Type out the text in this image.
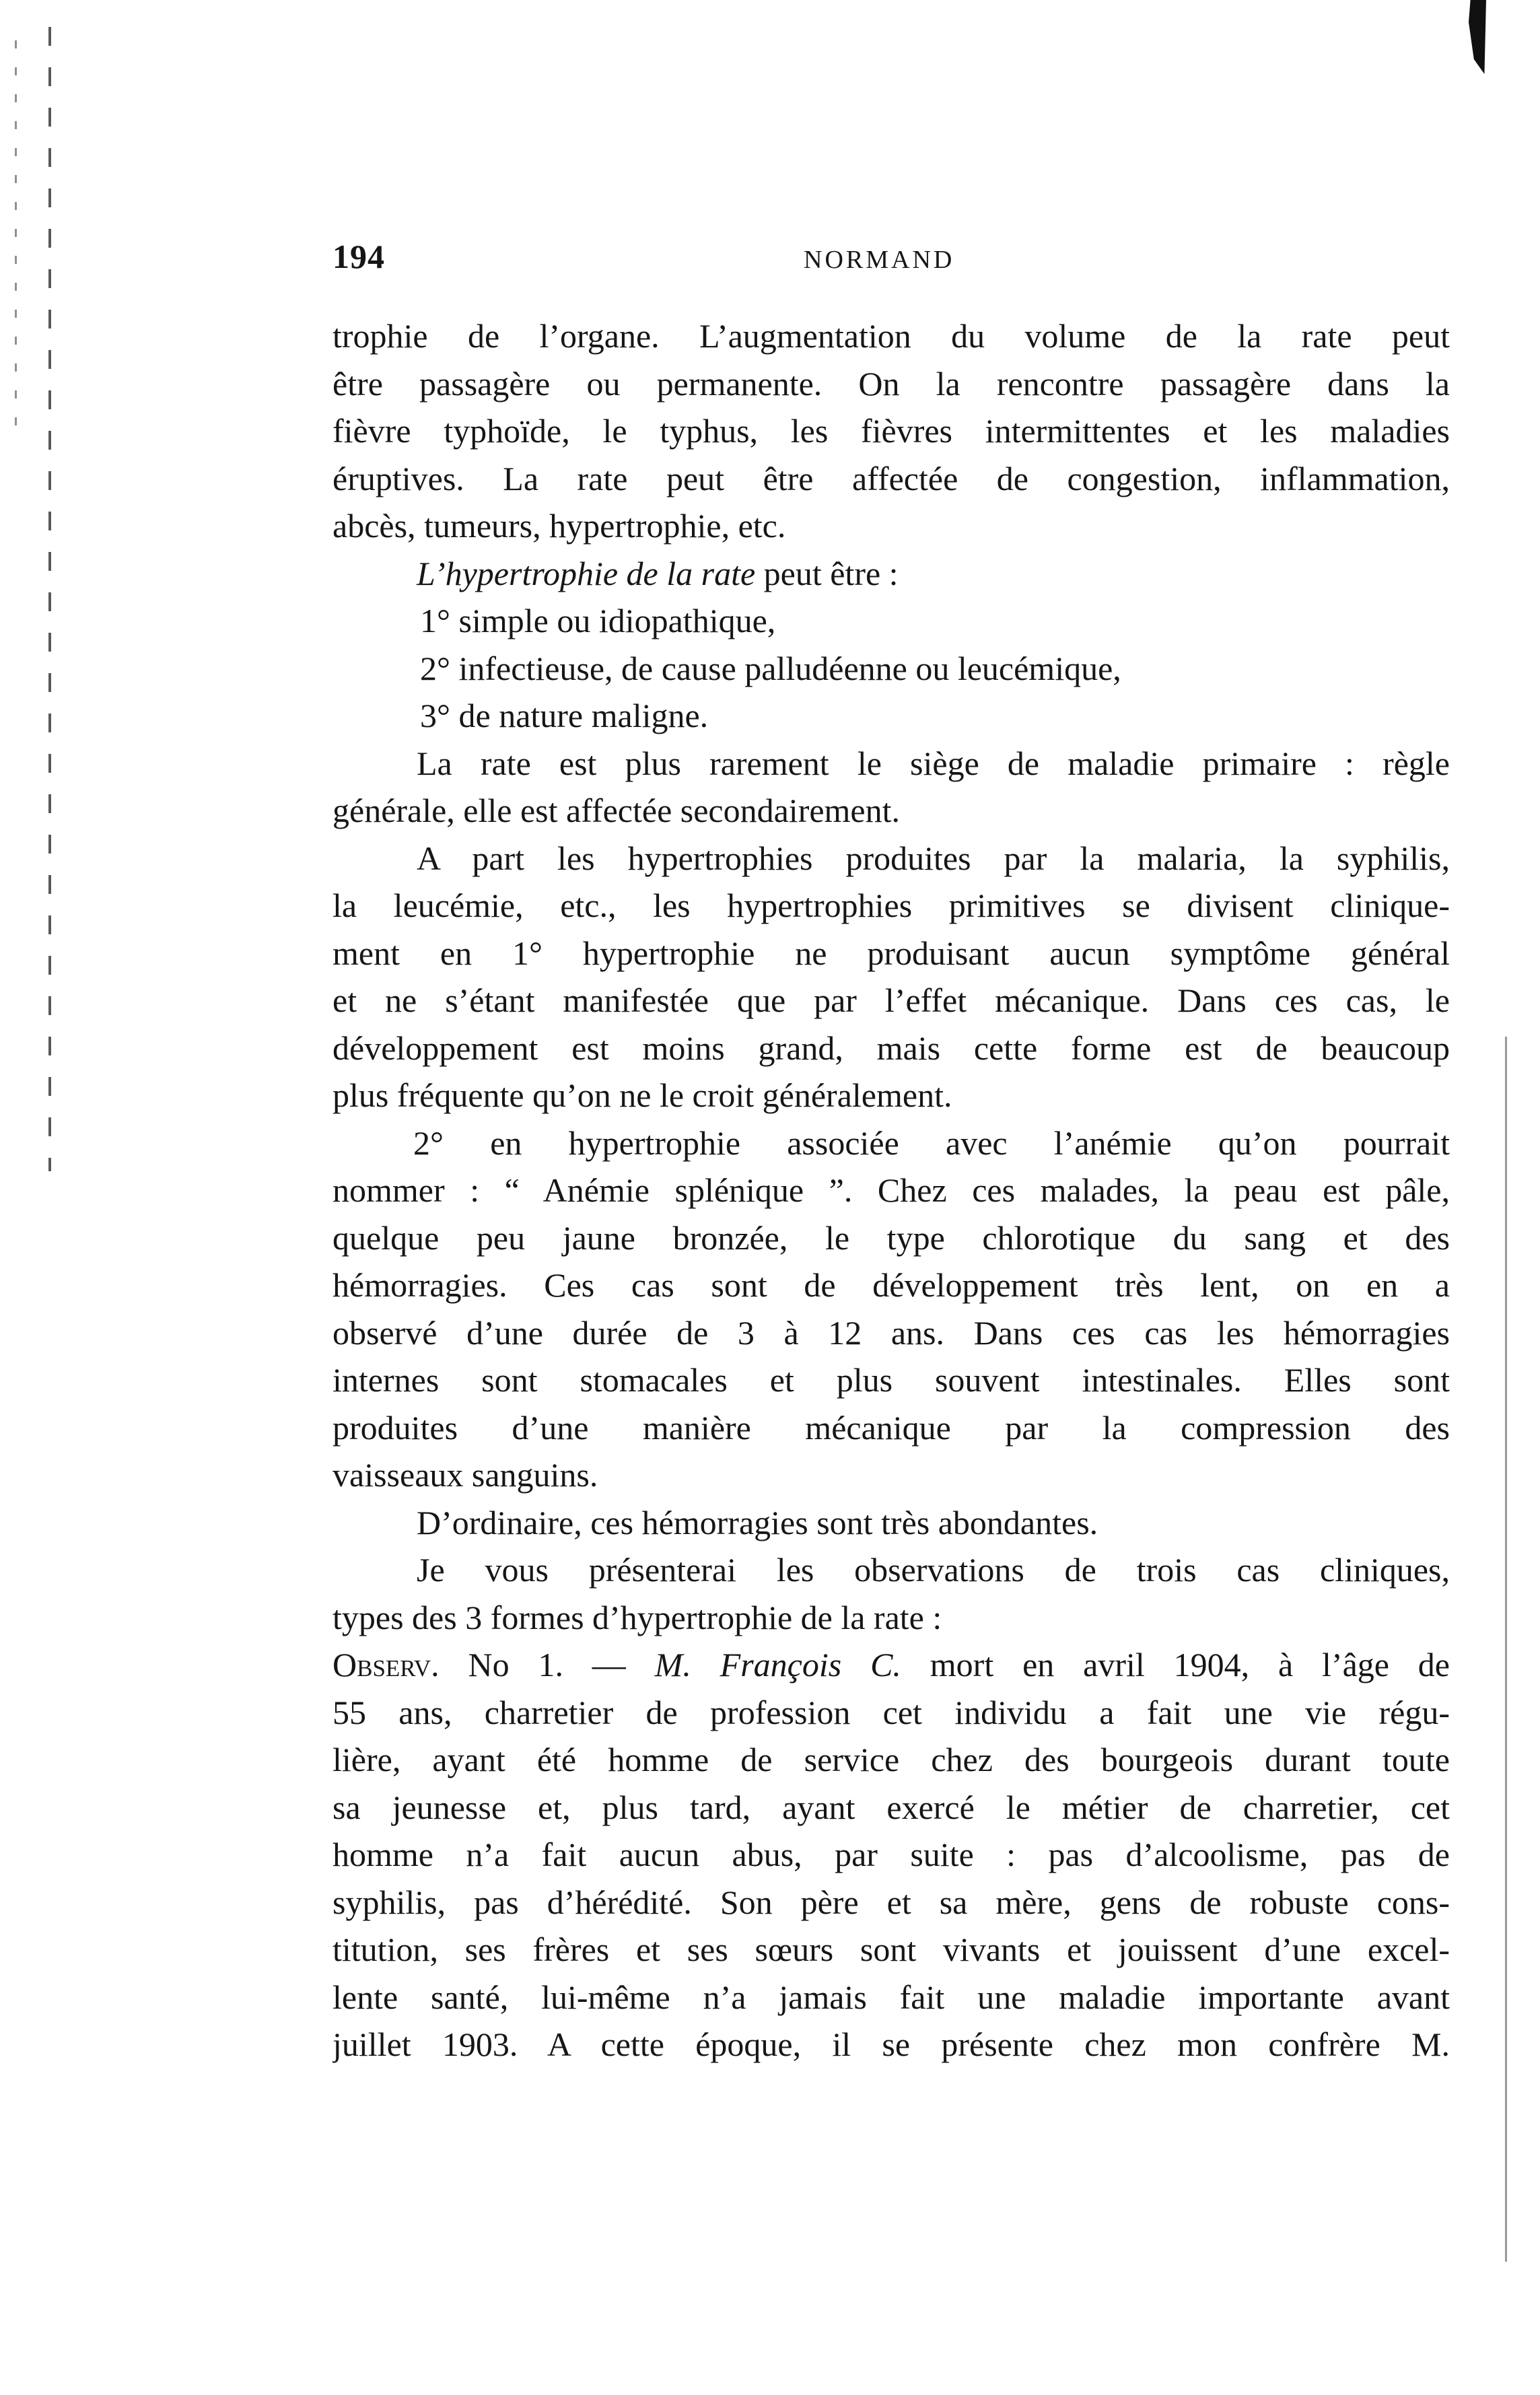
194	NORMAND
trophie de l’organe. L’augmentation du volume de la rate peut
être passagère ou permanente. On la rencontre passagère dans la
fièvre typhoïde, le typhus, les fièvres intermittentes et les maladies
éruptives. La rate peut être affectée de congestion, inflammation,
abcès, tumeurs, hypertrophie, etc.
L’hypertrophie de la rate peut être :
1° simple ou idiopathique,
2° infectieuse, de cause palludéenne ou leucémique,
3° de nature maligne.
La rate est plus rarement le siège de maladie primaire : règle
générale, elle est affectée secondairement.
A part les hypertrophies produites par la malaria, la syphilis,
la leucémie, etc., les hypertrophies primitives se divisent clinique-
ment en 1° hypertrophie ne produisant aucun symptôme général
et ne s’étant manifestée que par l’effet mécanique. Dans ces cas, le
développement est moins grand, mais cette forme est de beaucoup
plus fréquente qu’on ne le croit généralement.
2° en hypertrophie associée avec l’anémie qu’on pourrait
nommer : “ Anémie splénique ”. Chez ces malades, la peau est pâle,
quelque peu jaune bronzée, le type chlorotique du sang et des
hémorragies. Ces cas sont de développement très lent, on en a
observé d’une durée de 3 à 12 ans. Dans ces cas les hémorragies
internes sont stomacales et plus souvent intestinales. Elles sont
produites d’une manière mécanique par la compression des
vaisseaux sanguins.
D’ordinaire, ces hémorragies sont très abondantes.
Je vous présenterai les observations de trois cas cliniques,
types des 3 formes d’hypertrophie de la rate :
Observ. No 1. — M. François C. mort en avril 1904, à l’âge de
55 ans, charretier de profession cet individu a fait une vie régu-
lière, ayant été homme de service chez des bourgeois durant toute
sa jeunesse et, plus tard, ayant exercé le métier de charretier, cet
homme n’a fait aucun abus, par suite : pas d’alcoolisme, pas de
syphilis, pas d’hérédité. Son père et sa mère, gens de robuste cons-
titution, ses frères et ses sœurs sont vivants et jouissent d’une excel-
lente santé, lui-même n’a jamais fait une maladie importante avant
juillet 1903. A cette époque, il se présente chez mon confrère M.
